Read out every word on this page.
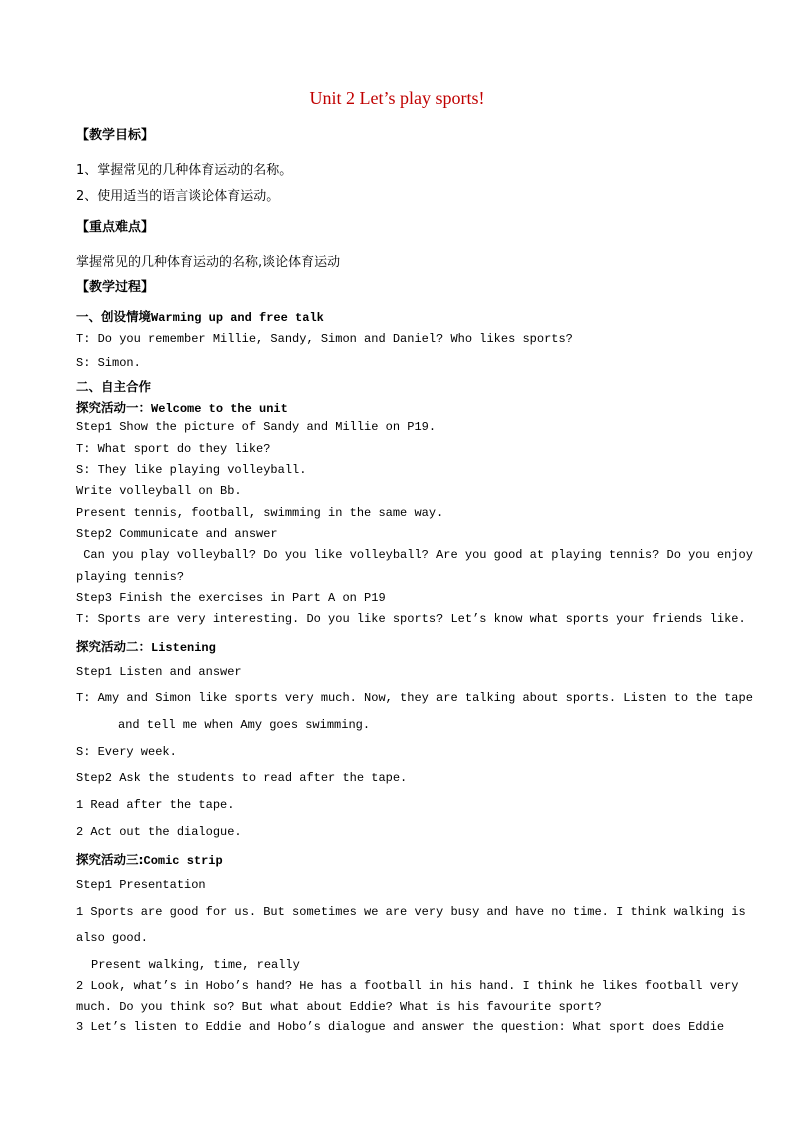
Unit 2 Let’s play sports!
【教学目标】
1、掌握常见的几种体育运动的名称。
2、使用适当的语言谈论体育运动。
【重点难点】
掌握常见的几种体育运动的名称,谈论体育运动
【教学过程】
一、创设情境Warming up and free talk
T: Do you remember Millie, Sandy, Simon and Daniel? Who likes sports?
S: Simon.
二、自主合作
探究活动一：Welcome to the unit
Step1 Show the picture of Sandy and Millie on P19.
T: What sport do they like?
S: They like playing volleyball.
Write volleyball on Bb.
Present tennis, football, swimming in the same way.
Step2 Communicate and answer
Can you play volleyball? Do you like volleyball? Are you good at playing tennis? Do you enjoy
playing tennis?
Step3 Finish the exercises in Part A on P19
T: Sports are very interesting. Do you like sports? Let’s know what sports your friends like.
探究活动二：Listening
Step1 Listen and answer
T: Amy and Simon like sports very much. Now, they are talking about sports. Listen to the tape
and tell me when Amy goes swimming.
S: Every week.
Step2 Ask the students to read after the tape.
1 Read after the tape.
2 Act out the dialogue.
探究活动三:Comic strip
Step1 Presentation
1 Sports are good for us. But sometimes we are very busy and have no time. I think walking is
also good.
Present walking, time, really
2 Look, what’s in Hobo’s hand? He has a football in his hand. I think he likes football very
much. Do you think so? But what about Eddie? What is his favourite sport?
3 Let’s listen to Eddie and Hobo’s dialogue and answer the question: What sport does Eddie
